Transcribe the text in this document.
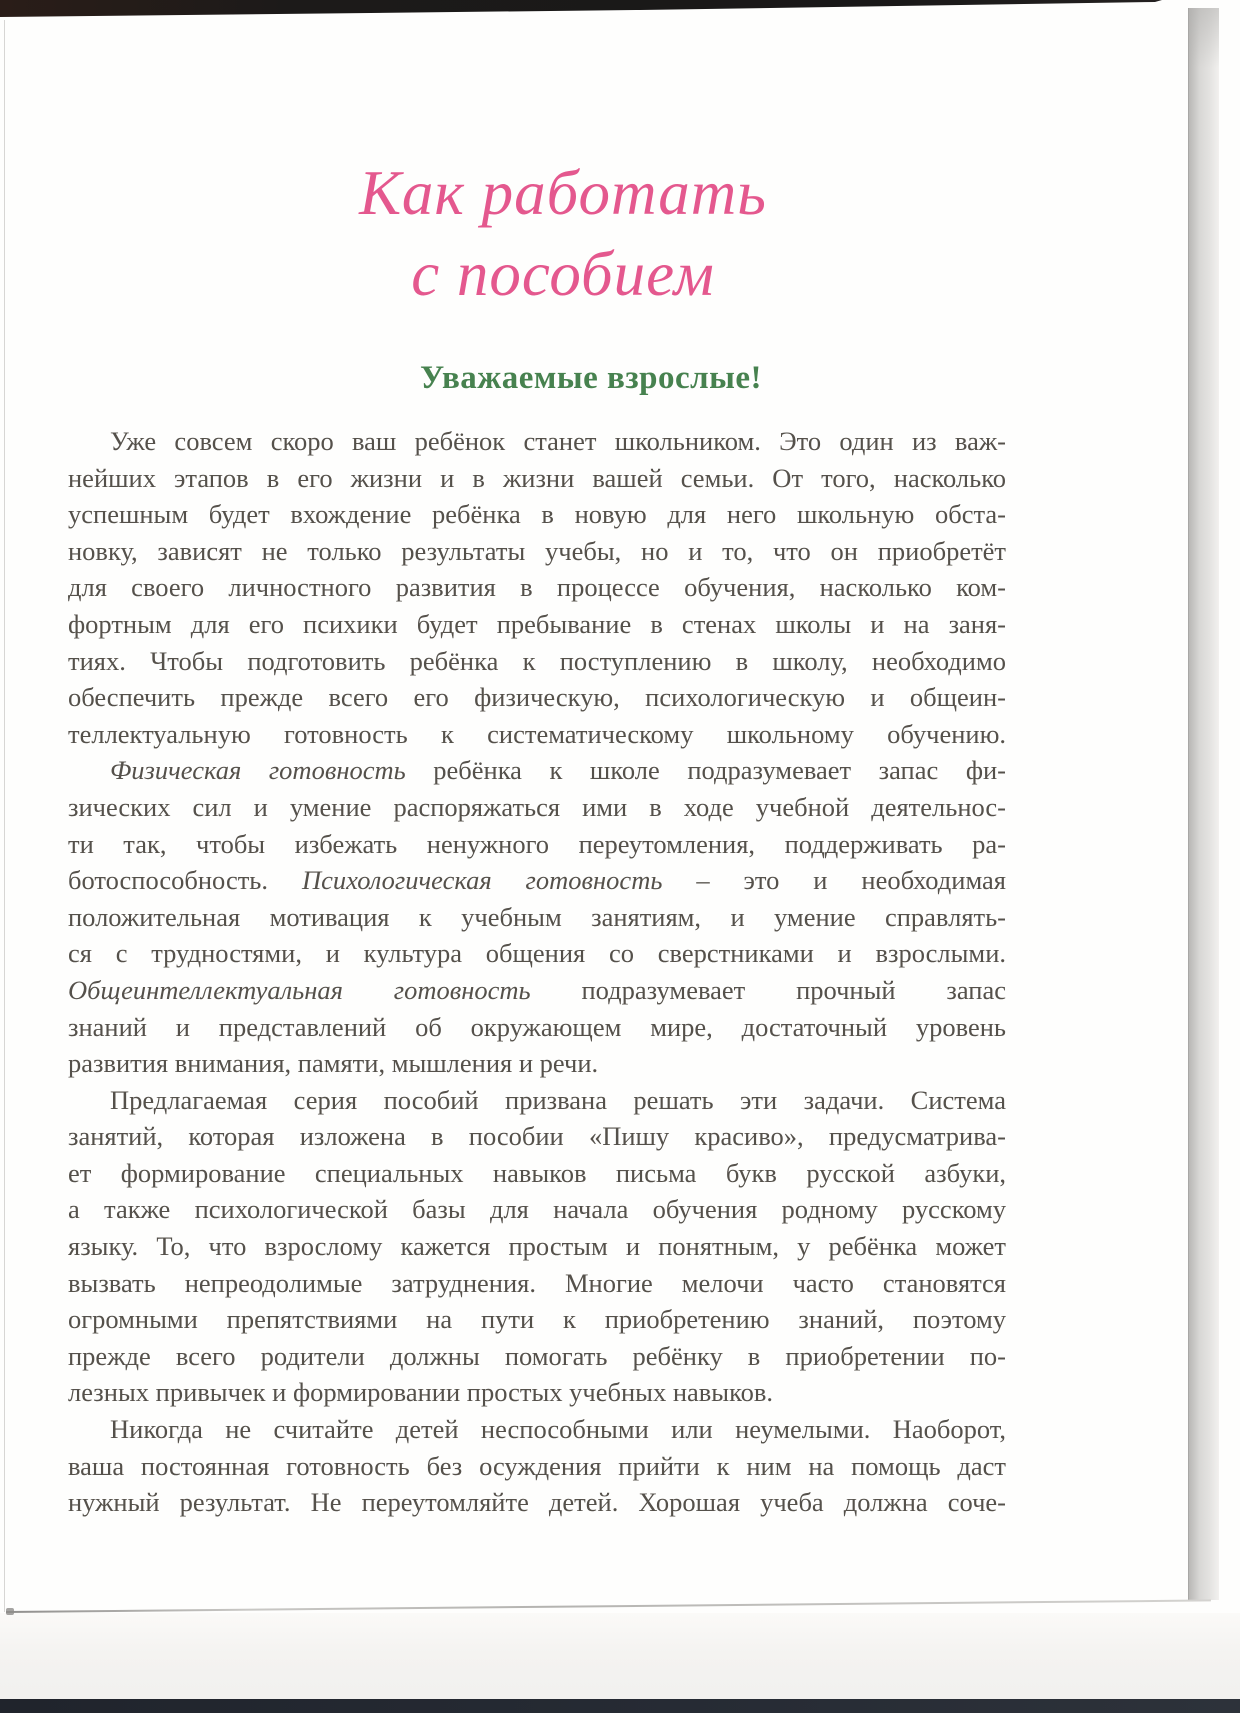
Как работать
с пособием
Уважаемые взрослые!
Уже совсем скоро ваш ребёнок станет школьником. Это один из важ-
нейших этапов в его жизни и в жизни вашей семьи. От того, насколько
успешным будет вхождение ребёнка в новую для него школьную обста-
новку, зависят не только результаты учебы, но и то, что он приобретёт
для своего личностного развития в процессе обучения, насколько ком-
фортным для его психики будет пребывание в стенах школы и на заня-
тиях. Чтобы подготовить ребёнка к поступлению в школу, необходимо
обеспечить прежде всего его физическую, психологическую и общеин-
теллектуальную готовность к систематическому школьному обучению.
Физическая готовность ребёнка к школе подразумевает запас фи-
зических сил и умение распоряжаться ими в ходе учебной деятельнос-
ти так, чтобы избежать ненужного переутомления, поддерживать ра-
ботоспособность. Психологическая готовность – это и необходимая
положительная мотивация к учебным занятиям, и умение справлять-
ся с трудностями, и культура общения со сверстниками и взрослыми.
Общеинтеллектуальная готовность подразумевает прочный запас
знаний и представлений об окружающем мире, достаточный уровень
развития внимания, памяти, мышления и речи.
Предлагаемая серия пособий призвана решать эти задачи. Система
занятий, которая изложена в пособии «Пишу красиво», предусматрива-
ет формирование специальных навыков письма букв русской азбуки,
а также психологической базы для начала обучения родному русскому
языку. То, что взрослому кажется простым и понятным, у ребёнка может
вызвать непреодолимые затруднения. Многие мелочи часто становятся
огромными препятствиями на пути к приобретению знаний, поэтому
прежде всего родители должны помогать ребёнку в приобретении по-
лезных привычек и формировании простых учебных навыков.
Никогда не считайте детей неспособными или неумелыми. Наоборот,
ваша постоянная готовность без осуждения прийти к ним на помощь даст
нужный результат. Не переутомляйте детей. Хорошая учеба должна соче-
